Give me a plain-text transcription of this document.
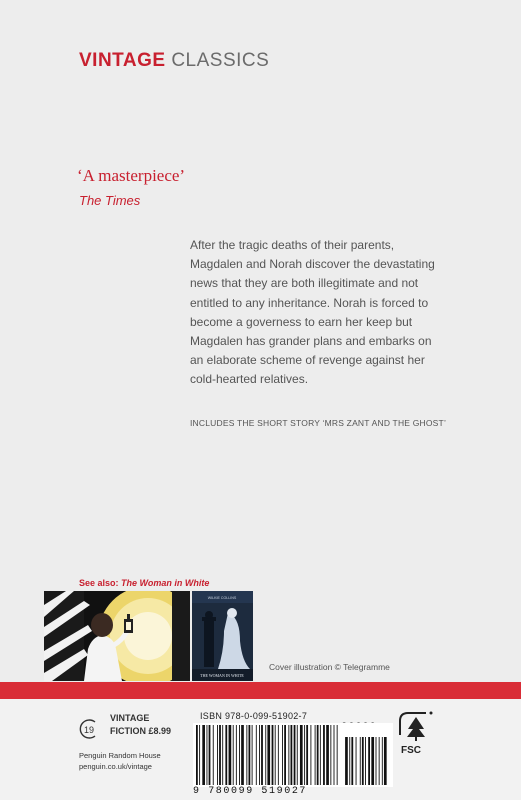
VINTAGE CLASSICS
‘A masterpiece’
The Times
After the tragic deaths of their parents,
Magdalen and Norah discover the devastating
news that they are both illegitimate and not
entitled to any inheritance. Norah is forced to
become a governess to earn her keep but
Magdalen has grander plans and embarks on
an elaborate scheme of revenge against her
cold-hearted relatives.
INCLUDES THE SHORT STORY ‘MRS ZANT AND THE GHOST’
See also: The Woman in White
WILKIE COLLINS
THE WOMAN IN WHITE
Cover illustration © Telegramme
19
VINTAGE
FICTION £8.99
Penguin Random House
penguin.co.uk/vintage
ISBN 978-0-099-51902-7
9 780099 519027
FSC
